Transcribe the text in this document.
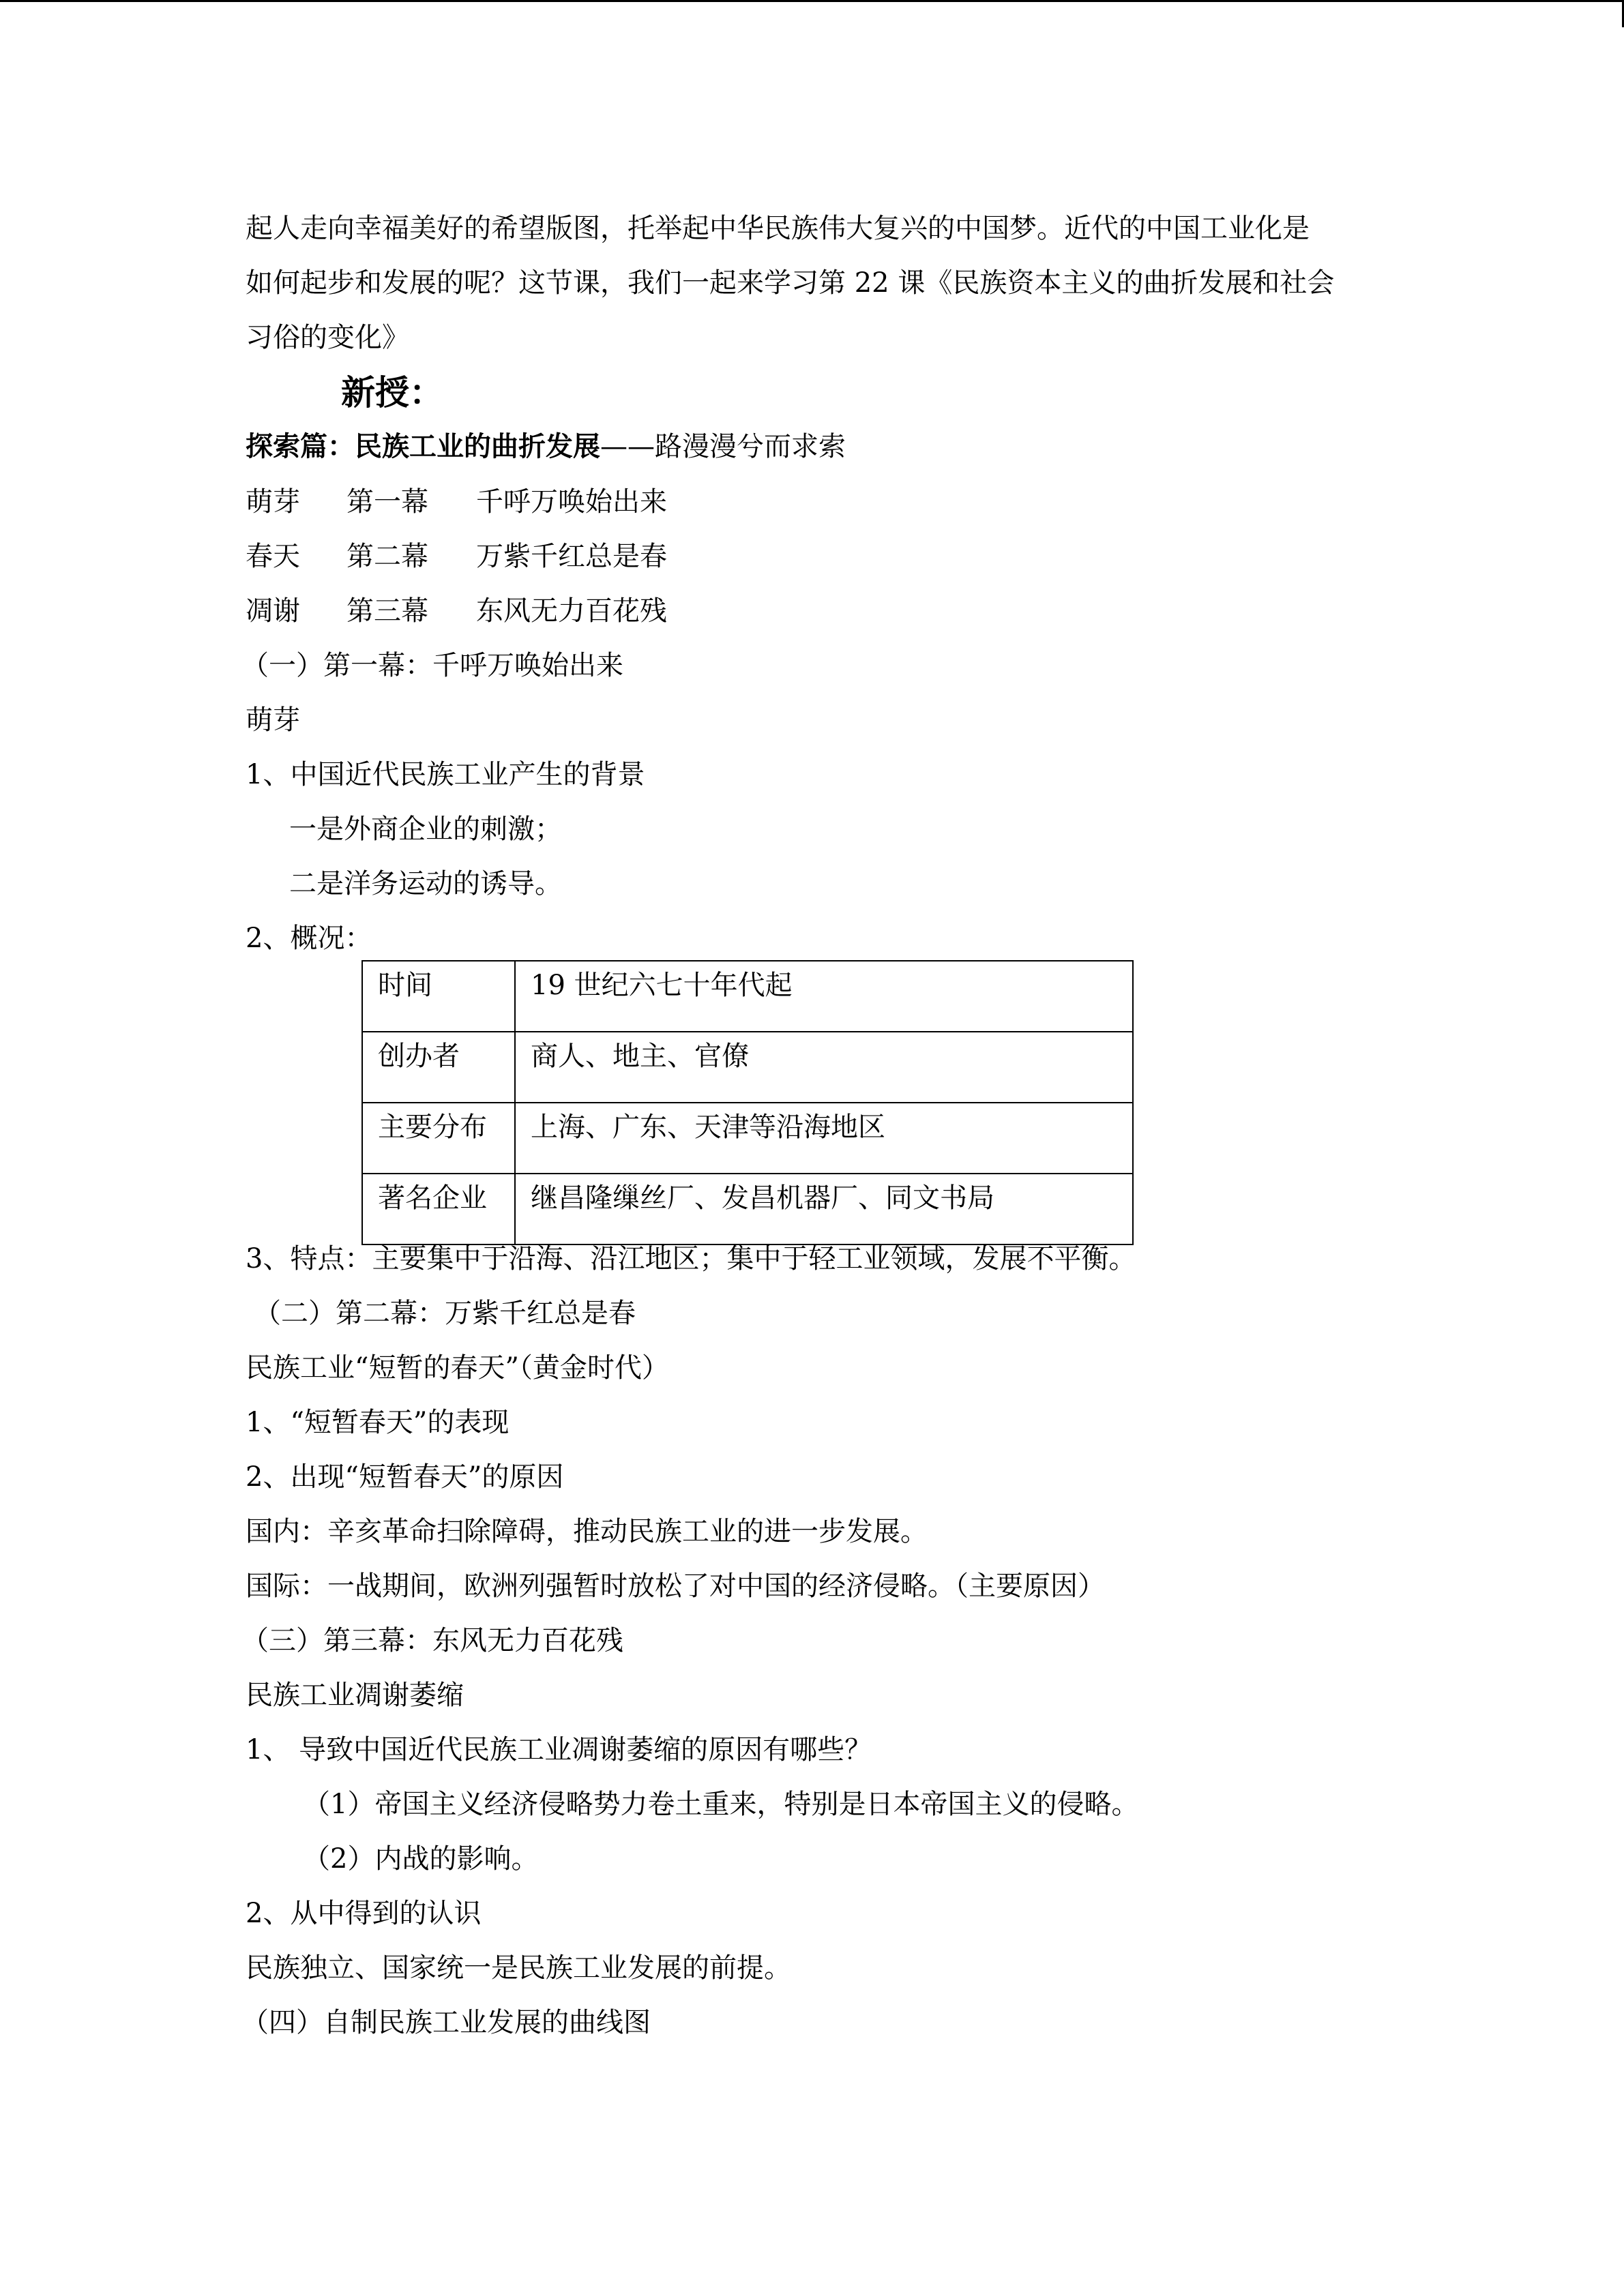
起人走向幸福美好的希望版图，托举起中华民族伟大复兴的中国梦。近代的中国工业化是
如何起步和发展的呢？这节课，我们一起来学习第 22 课《民族资本主义的曲折发展和社会
习俗的变化》
新授：
探索篇：民族工业的曲折发展——路漫漫兮而求索
萌芽 第一幕 千呼万唤始出来
春天 第二幕 万紫千红总是春
凋谢 第三幕 东风无力百花残
（一）第一幕：千呼万唤始出来
萌芽
1、中国近代民族工业产生的背景
一是外商企业的刺激；
二是洋务运动的诱导。
2、概况：
时间	19 世纪六七十年代起
创办者	商人、地主、官僚
主要分布	上海、广东、天津等沿海地区
著名企业	继昌隆缫丝厂、发昌机器厂、同文书局
3、特点：主要集中于沿海、沿江地区；集中于轻工业领域，发展不平衡。
（二）第二幕：万紫千红总是春
民族工业“短暂的春天”（黄金时代）
1、“短暂春天”的表现
2、出现“短暂春天”的原因
国内：辛亥革命扫除障碍，推动民族工业的进一步发展。
国际：一战期间，欧洲列强暂时放松了对中国的经济侵略。（主要原因）
（三）第三幕：东风无力百花残
民族工业凋谢萎缩
1、 导致中国近代民族工业凋谢萎缩的原因有哪些？
（1）帝国主义经济侵略势力卷土重来，特别是日本帝国主义的侵略。
（2）内战的影响。
2、从中得到的认识
民族独立、国家统一是民族工业发展的前提。
（四）自制民族工业发展的曲线图
